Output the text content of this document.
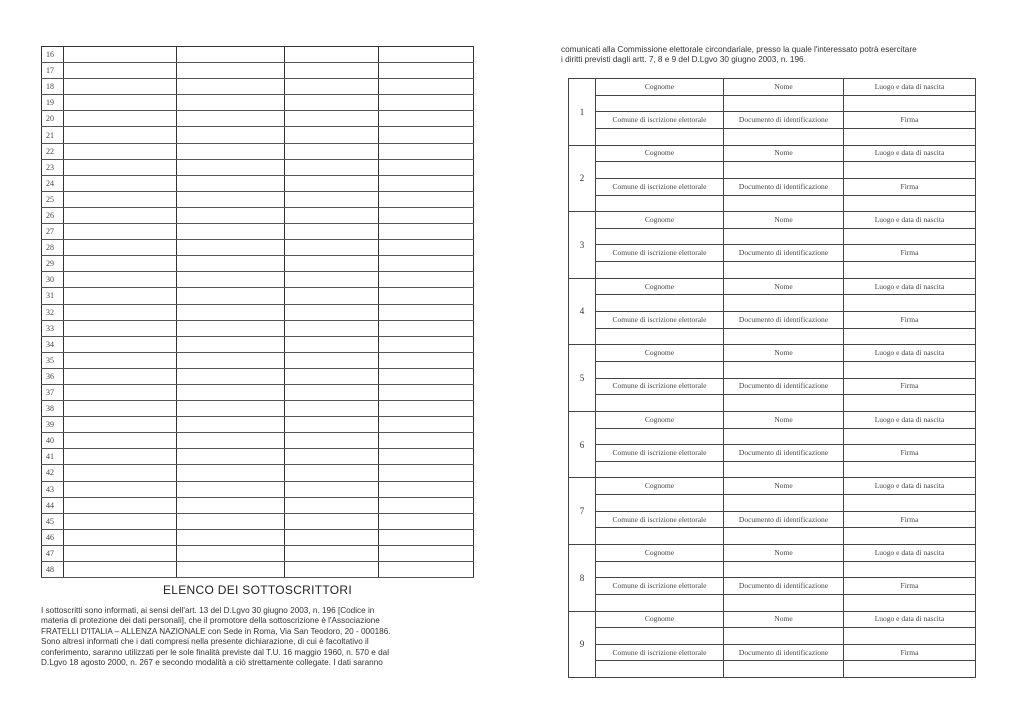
16				
17				
18				
19				
20				
21				
22				
23				
24				
25				
26				
27				
28				
29				
30				
31				
32				
33				
34				
35				
36				
37				
38				
39				
40				
41				
42				
43				
44				
45				
46				
47				
48				
ELENCO DEI SOTTOSCRITTORI
I sottoscritti sono informati, ai sensi dell'art. 13 del D.Lgvo 30 giugno 2003, n. 196 [Codice in
materia di protezione dei dati personali], che il promotore della sottoscrizione è l'Associazione
FRATELLI D'ITALIA – ALLENZA NAZIONALE con Sede in Roma, Via San Teodoro, 20 - 000186.
Sono altresì informati che i dati compresi nella presente dichiarazione, di cui è facoltativo il
conferimento, saranno utilizzati per le sole finalità previste dal T.U. 16 maggio 1960, n. 570 e dal
D.Lgvo 18 agosto 2000, n. 267 e secondo modalità a ciò strettamente collegate. I dati saranno
comunicati alla Commissione elettorale circondariale, presso la quale l'interessato potrà esercitare
i diritti previsti dagli artt. 7, 8 e 9 del D.Lgvo 30 giugno 2003, n. 196.
1	Cognome	Nome	Luogo e data di nascita

	Comune di iscrizione elettorale	Documento di identificazione	Firma

2	Cognome	Nome	Luogo e data di nascita

	Comune di iscrizione elettorale	Documento di identificazione	Firma

3	Cognome	Nome	Luogo e data di nascita

	Comune di iscrizione elettorale	Documento di identificazione	Firma

4	Cognome	Nome	Luogo e data di nascita

	Comune di iscrizione elettorale	Documento di identificazione	Firma

5	Cognome	Nome	Luogo e data di nascita

	Comune di iscrizione elettorale	Documento di identificazione	Firma

6	Cognome	Nome	Luogo e data di nascita

	Comune di iscrizione elettorale	Documento di identificazione	Firma

7	Cognome	Nome	Luogo e data di nascita

	Comune di iscrizione elettorale	Documento di identificazione	Firma

8	Cognome	Nome	Luogo e data di nascita

	Comune di iscrizione elettorale	Documento di identificazione	Firma

9	Cognome	Nome	Luogo e data di nascita

	Comune di iscrizione elettorale	Documento di identificazione	Firma
